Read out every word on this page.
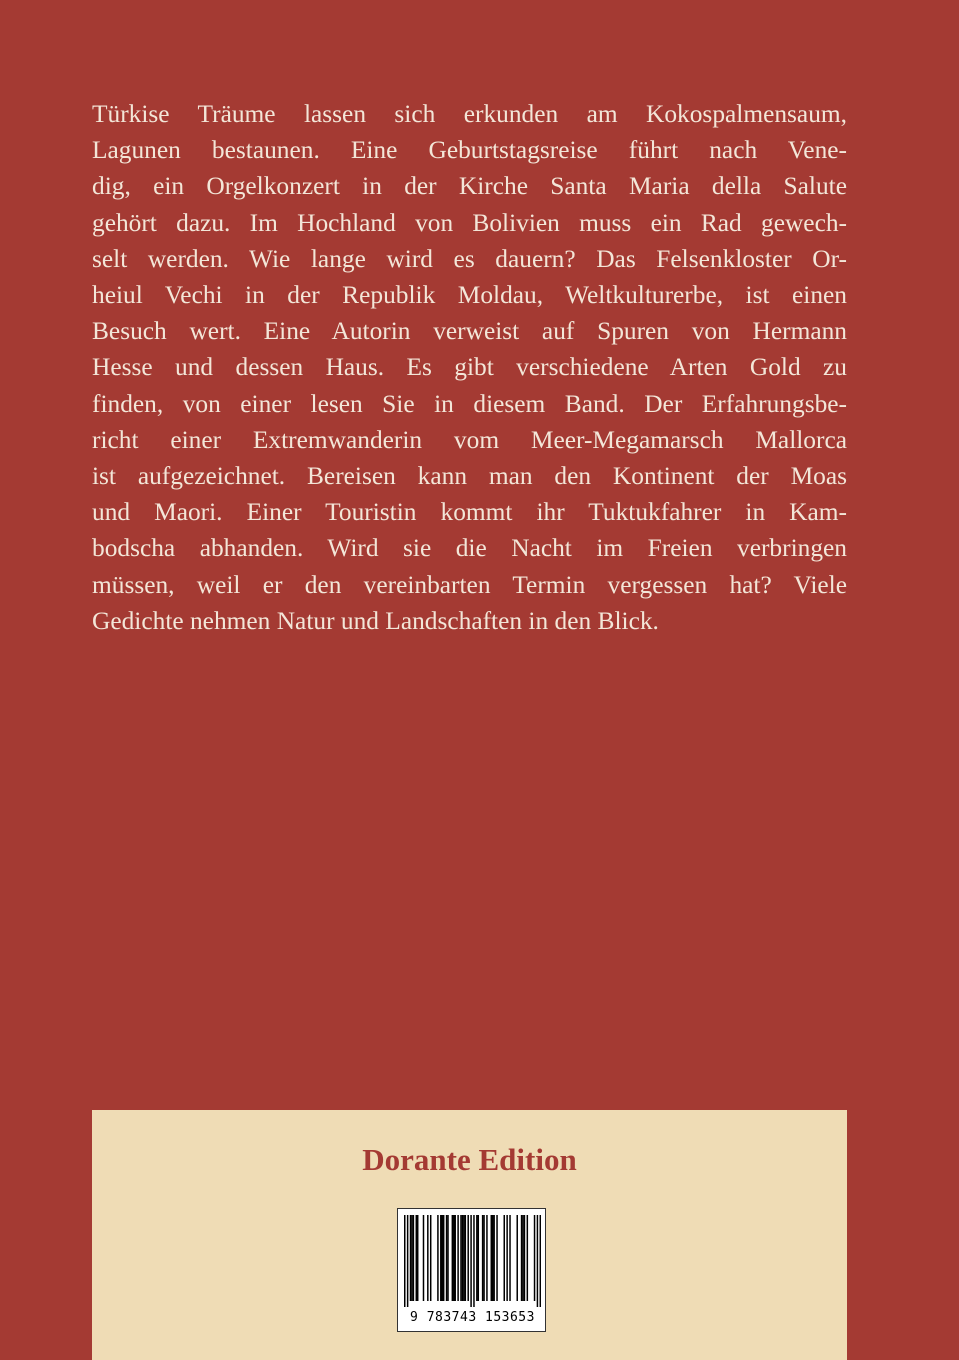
Türkise Träume lassen sich erkunden am Kokospalmensaum,
Lagunen bestaunen. Eine Geburtstagsreise führt nach Vene-
dig, ein Orgelkonzert in der Kirche Santa Maria della Salute
gehört dazu. Im Hochland von Bolivien muss ein Rad gewech-
selt werden. Wie lange wird es dauern? Das Felsenkloster Or-
heiul Vechi in der Republik Moldau, Weltkulturerbe, ist einen
Besuch wert. Eine Autorin verweist auf Spuren von Hermann
Hesse und dessen Haus. Es gibt verschiedene Arten Gold zu
finden, von einer lesen Sie in diesem Band. Der Erfahrungsbe-
richt einer Extremwanderin vom Meer-Megamarsch Mallorca
ist aufgezeichnet. Bereisen kann man den Kontinent der Moas
und Maori. Einer Touristin kommt ihr Tuktukfahrer in Kam-
bodscha abhanden. Wird sie die Nacht im Freien verbringen
müssen, weil er den vereinbarten Termin vergessen hat? Viele
Gedichte nehmen Natur und Landschaften in den Blick.

Dorante Edition

9 783743 153653
